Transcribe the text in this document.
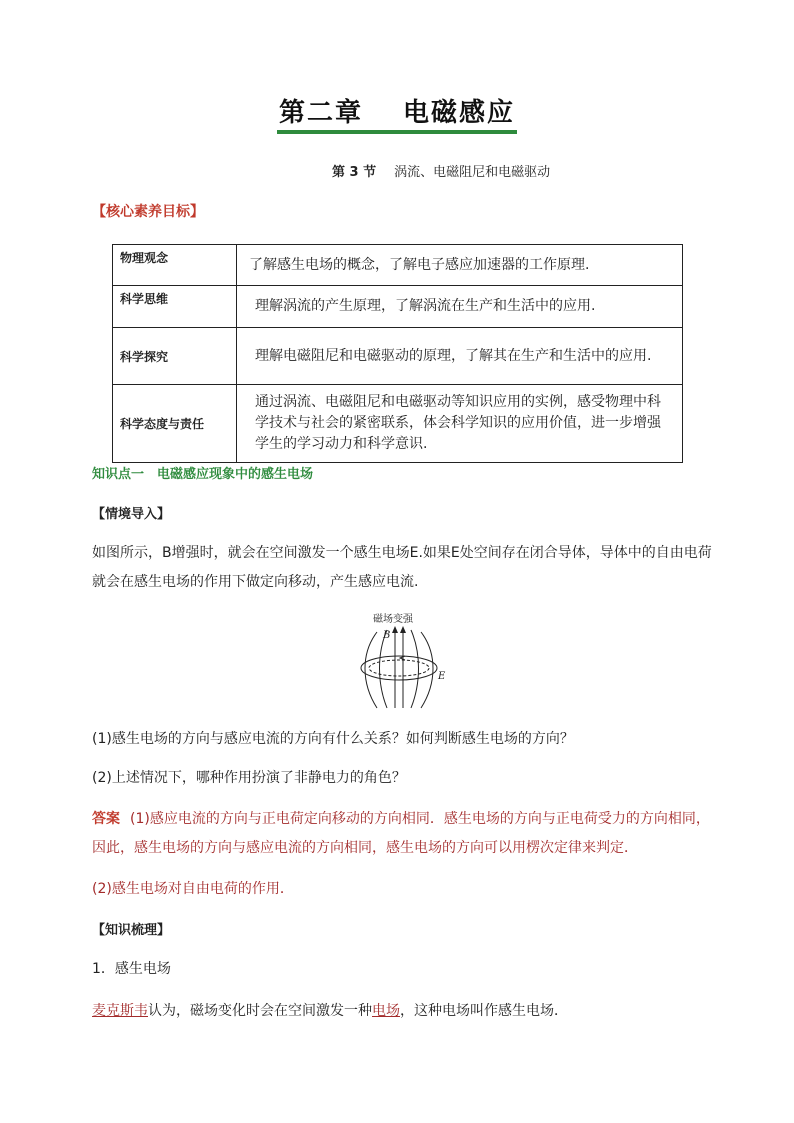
第二章 电磁感应
第 3 节 涡流、电磁阻尼和电磁驱动
【核心素养目标】
物理观念	了解感生电场的概念，了解电子感应加速器的工作原理.
科学思维	理解涡流的产生原理，了解涡流在生产和生活中的应用.
科学探究	理解电磁阻尼和电磁驱动的原理，了解其在生产和生活中的应用.
科学态度与责任	通过涡流、电磁阻尼和电磁驱动等知识应用的实例，感受物理中科学技术与社会的紧密联系，体会科学知识的应用价值，进一步增强学生的学习动力和科学意识.
知识点一　电磁感应现象中的感生电场
【情境导入】
如图所示，B增强时，就会在空间激发一个感生电场E.如果E处空间存在闭合导体，导体中的自由电荷就会在感生电场的作用下做定向移动，产生感应电流.
磁场变强
B
E
(1)感生电场的方向与感应电流的方向有什么关系？如何判断感生电场的方向？
(2)上述情况下，哪种作用扮演了非静电力的角色？
答案 (1)感应电流的方向与正电荷定向移动的方向相同．感生电场的方向与正电荷受力的方向相同，因此，感生电场的方向与感应电流的方向相同，感生电场的方向可以用楞次定律来判定．
(2)感生电场对自由电荷的作用．
【知识梳理】
1．感生电场
麦克斯韦认为，磁场变化时会在空间激发一种电场，这种电场叫作感生电场．
